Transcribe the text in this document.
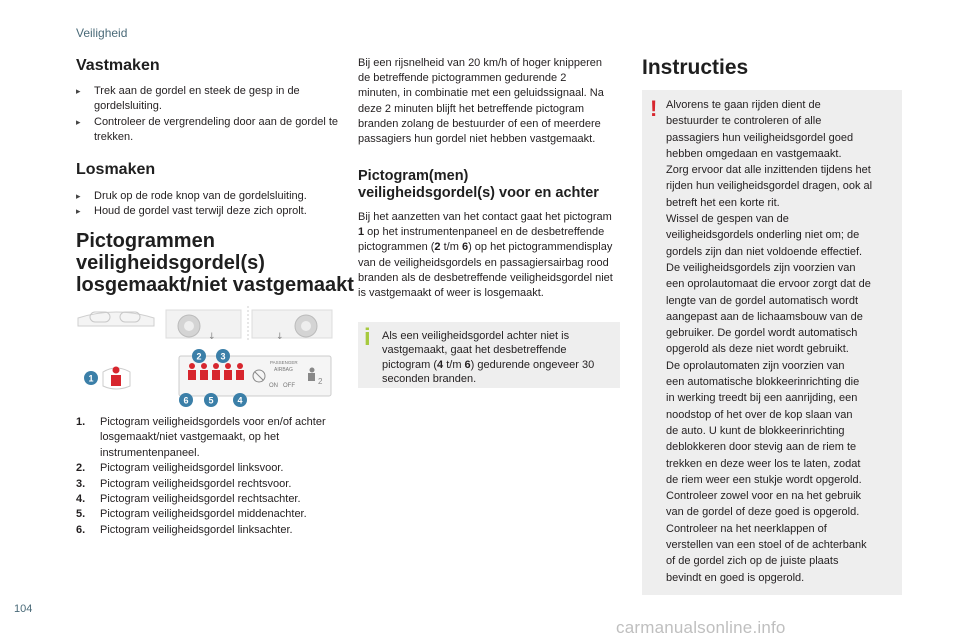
Veiligheid
Vastmaken
▸ Trek aan de gordel en steek de gesp in de gordelsluiting.
▸ Controleer de vergrendeling door aan de gordel te trekken.
Losmaken
▸ Druk op de rode knop van de gordelsluiting.
▸ Houd de gordel vast terwijl deze zich oprolt.
Pictogrammen
veiligheidsgordel(s)
losgemaakt/niet vastgemaakt
↓	↓
PASSENGER
AIRBAG
ON OFF	2
1
2 3
4
5
6
1. Pictogram veiligheidsgordels voor en/of achter losgemaakt/niet vastgemaakt, op het instrumentenpaneel.
2. Pictogram veiligheidsgordel linksvoor.
3. Pictogram veiligheidsgordel rechtsvoor.
4. Pictogram veiligheidsgordel rechtsachter.
5. Pictogram veiligheidsgordel middenachter.
6. Pictogram veiligheidsgordel linksachter.

Bij een rijsnelheid van 20 km/h of hoger knipperen de betreffende pictogrammen gedurende 2 minuten, in combinatie met een geluidssignaal. Na deze 2 minuten blijft het betreffende pictogram branden zolang de bestuurder of een of meerdere passagiers hun gordel niet hebben vastgemaakt.

Pictogram(men)
veiligheidsgordel(s) voor en achter

Bij het aanzetten van het contact gaat het pictogram 1 op het instrumentenpaneel en de desbetreffende pictogrammen (2 t/m 6) op het pictogrammendisplay van de veiligheidsgordels en passagiersairbag rood branden als de desbetreffende veiligheidsgordel niet is vastgemaakt of weer is losgemaakt.

i Als een veiligheidsgordel achter niet is vastgemaakt, gaat het desbetreffende pictogram (4 t/m 6) gedurende ongeveer 30 seconden branden.

Instructies
! Alvorens te gaan rijden dient de
bestuurder te controleren of alle
passagiers hun veiligheidsgordel goed
hebben omgedaan en vastgemaakt.
Zorg ervoor dat alle inzittenden tijdens het
rijden hun veiligheidsgordel dragen, ook al
betreft het een korte rit.
Wissel de gespen van de
veiligheidsgordels onderling niet om; de
gordels zijn dan niet voldoende effectief.
De veiligheidsgordels zijn voorzien van
een oprolautomaat die ervoor zorgt dat de
lengte van de gordel automatisch wordt
aangepast aan de lichaamsbouw van de
gebruiker. De gordel wordt automatisch
opgerold als deze niet wordt gebruikt.
De oprolautomaten zijn voorzien van
een automatische blokkeerinrichting die
in werking treedt bij een aanrijding, een
noodstop of het over de kop slaan van
de auto. U kunt de blokkeerinrichting
deblokkeren door stevig aan de riem te
trekken en deze weer los te laten, zodat
de riem weer een stukje wordt opgerold.
Controleer zowel voor en na het gebruik
van de gordel of deze goed is opgerold.
Controleer na het neerklappen of
verstellen van een stoel of de achterbank
of de gordel zich op de juiste plaats
bevindt en goed is opgerold.
104
carmanualsonline.info
